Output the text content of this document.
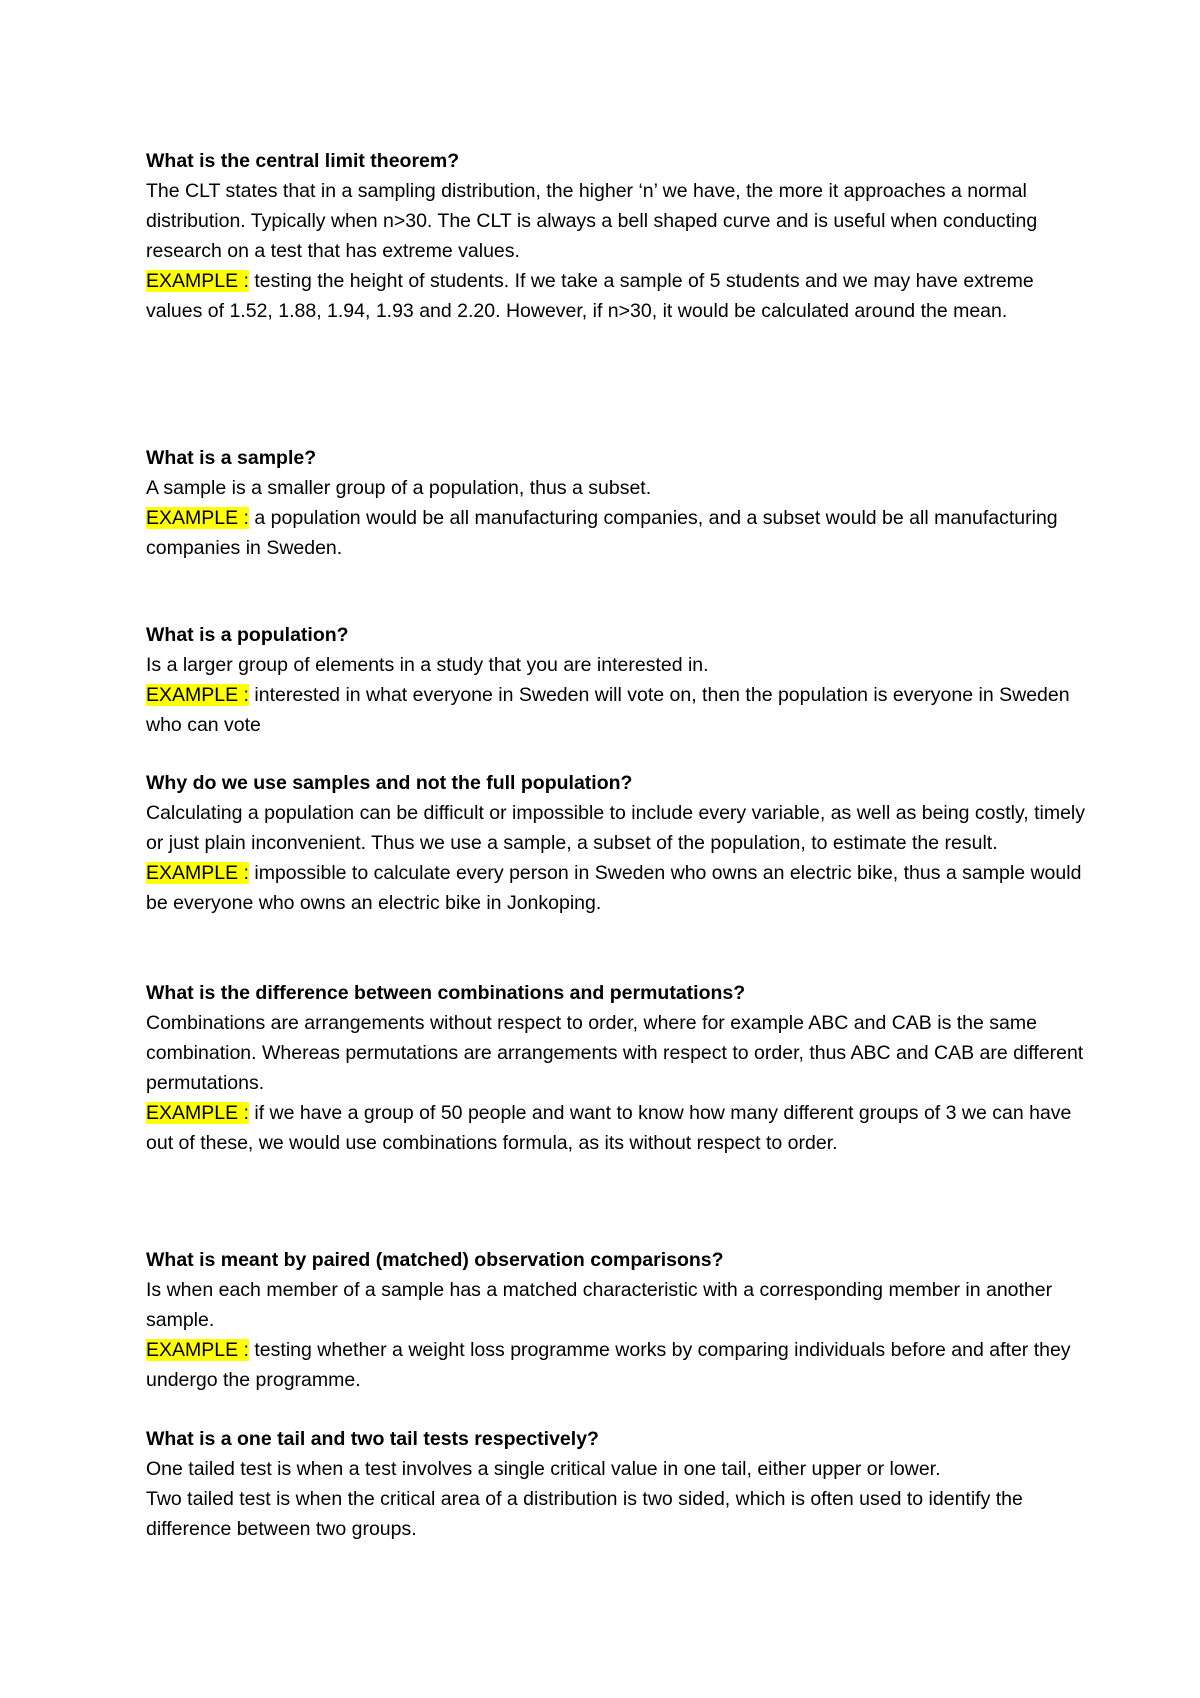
What is the central limit theorem?

The CLT states that in a sampling distribution, the higher ‘n’ we have, the more it approaches a normal distribution. Typically when n>30. The CLT is always a bell shaped curve and is useful when conducting research on a test that has extreme values.

EXAMPLE : testing the height of students. If we take a sample of 5 students and we may have extreme values of 1.52, 1.88, 1.94, 1.93 and 2.20. However, if n>30, it would be calculated around the mean.

What is a sample?

A sample is a smaller group of a population, thus a subset.

EXAMPLE : a population would be all manufacturing companies, and a subset would be all manufacturing companies in Sweden.

What is a population?

Is a larger group of elements in a study that you are interested in.

EXAMPLE : interested in what everyone in Sweden will vote on, then the population is everyone in Sweden who can vote

Why do we use samples and not the full population?

Calculating a population can be difficult or impossible to include every variable, as well as being costly, timely or just plain inconvenient. Thus we use a sample, a subset of the population, to estimate the result.

EXAMPLE : impossible to calculate every person in Sweden who owns an electric bike, thus a sample would be everyone who owns an electric bike in Jonkoping.

What is the difference between combinations and permutations?

Combinations are arrangements without respect to order, where for example ABC and CAB is the same combination. Whereas permutations are arrangements with respect to order, thus ABC and CAB are different permutations.

EXAMPLE : if we have a group of 50 people and want to know how many different groups of 3 we can have out of these, we would use combinations formula, as its without respect to order.

What is meant by paired (matched) observation comparisons?

Is when each member of a sample has a matched characteristic with a corresponding member in another sample.

EXAMPLE : testing whether a weight loss programme works by comparing individuals before and after they undergo the programme.

What is a one tail and two tail tests respectively?

One tailed test is when a test involves a single critical value in one tail, either upper or lower.

Two tailed test is when the critical area of a distribution is two sided, which is often used to identify the difference between two groups.
